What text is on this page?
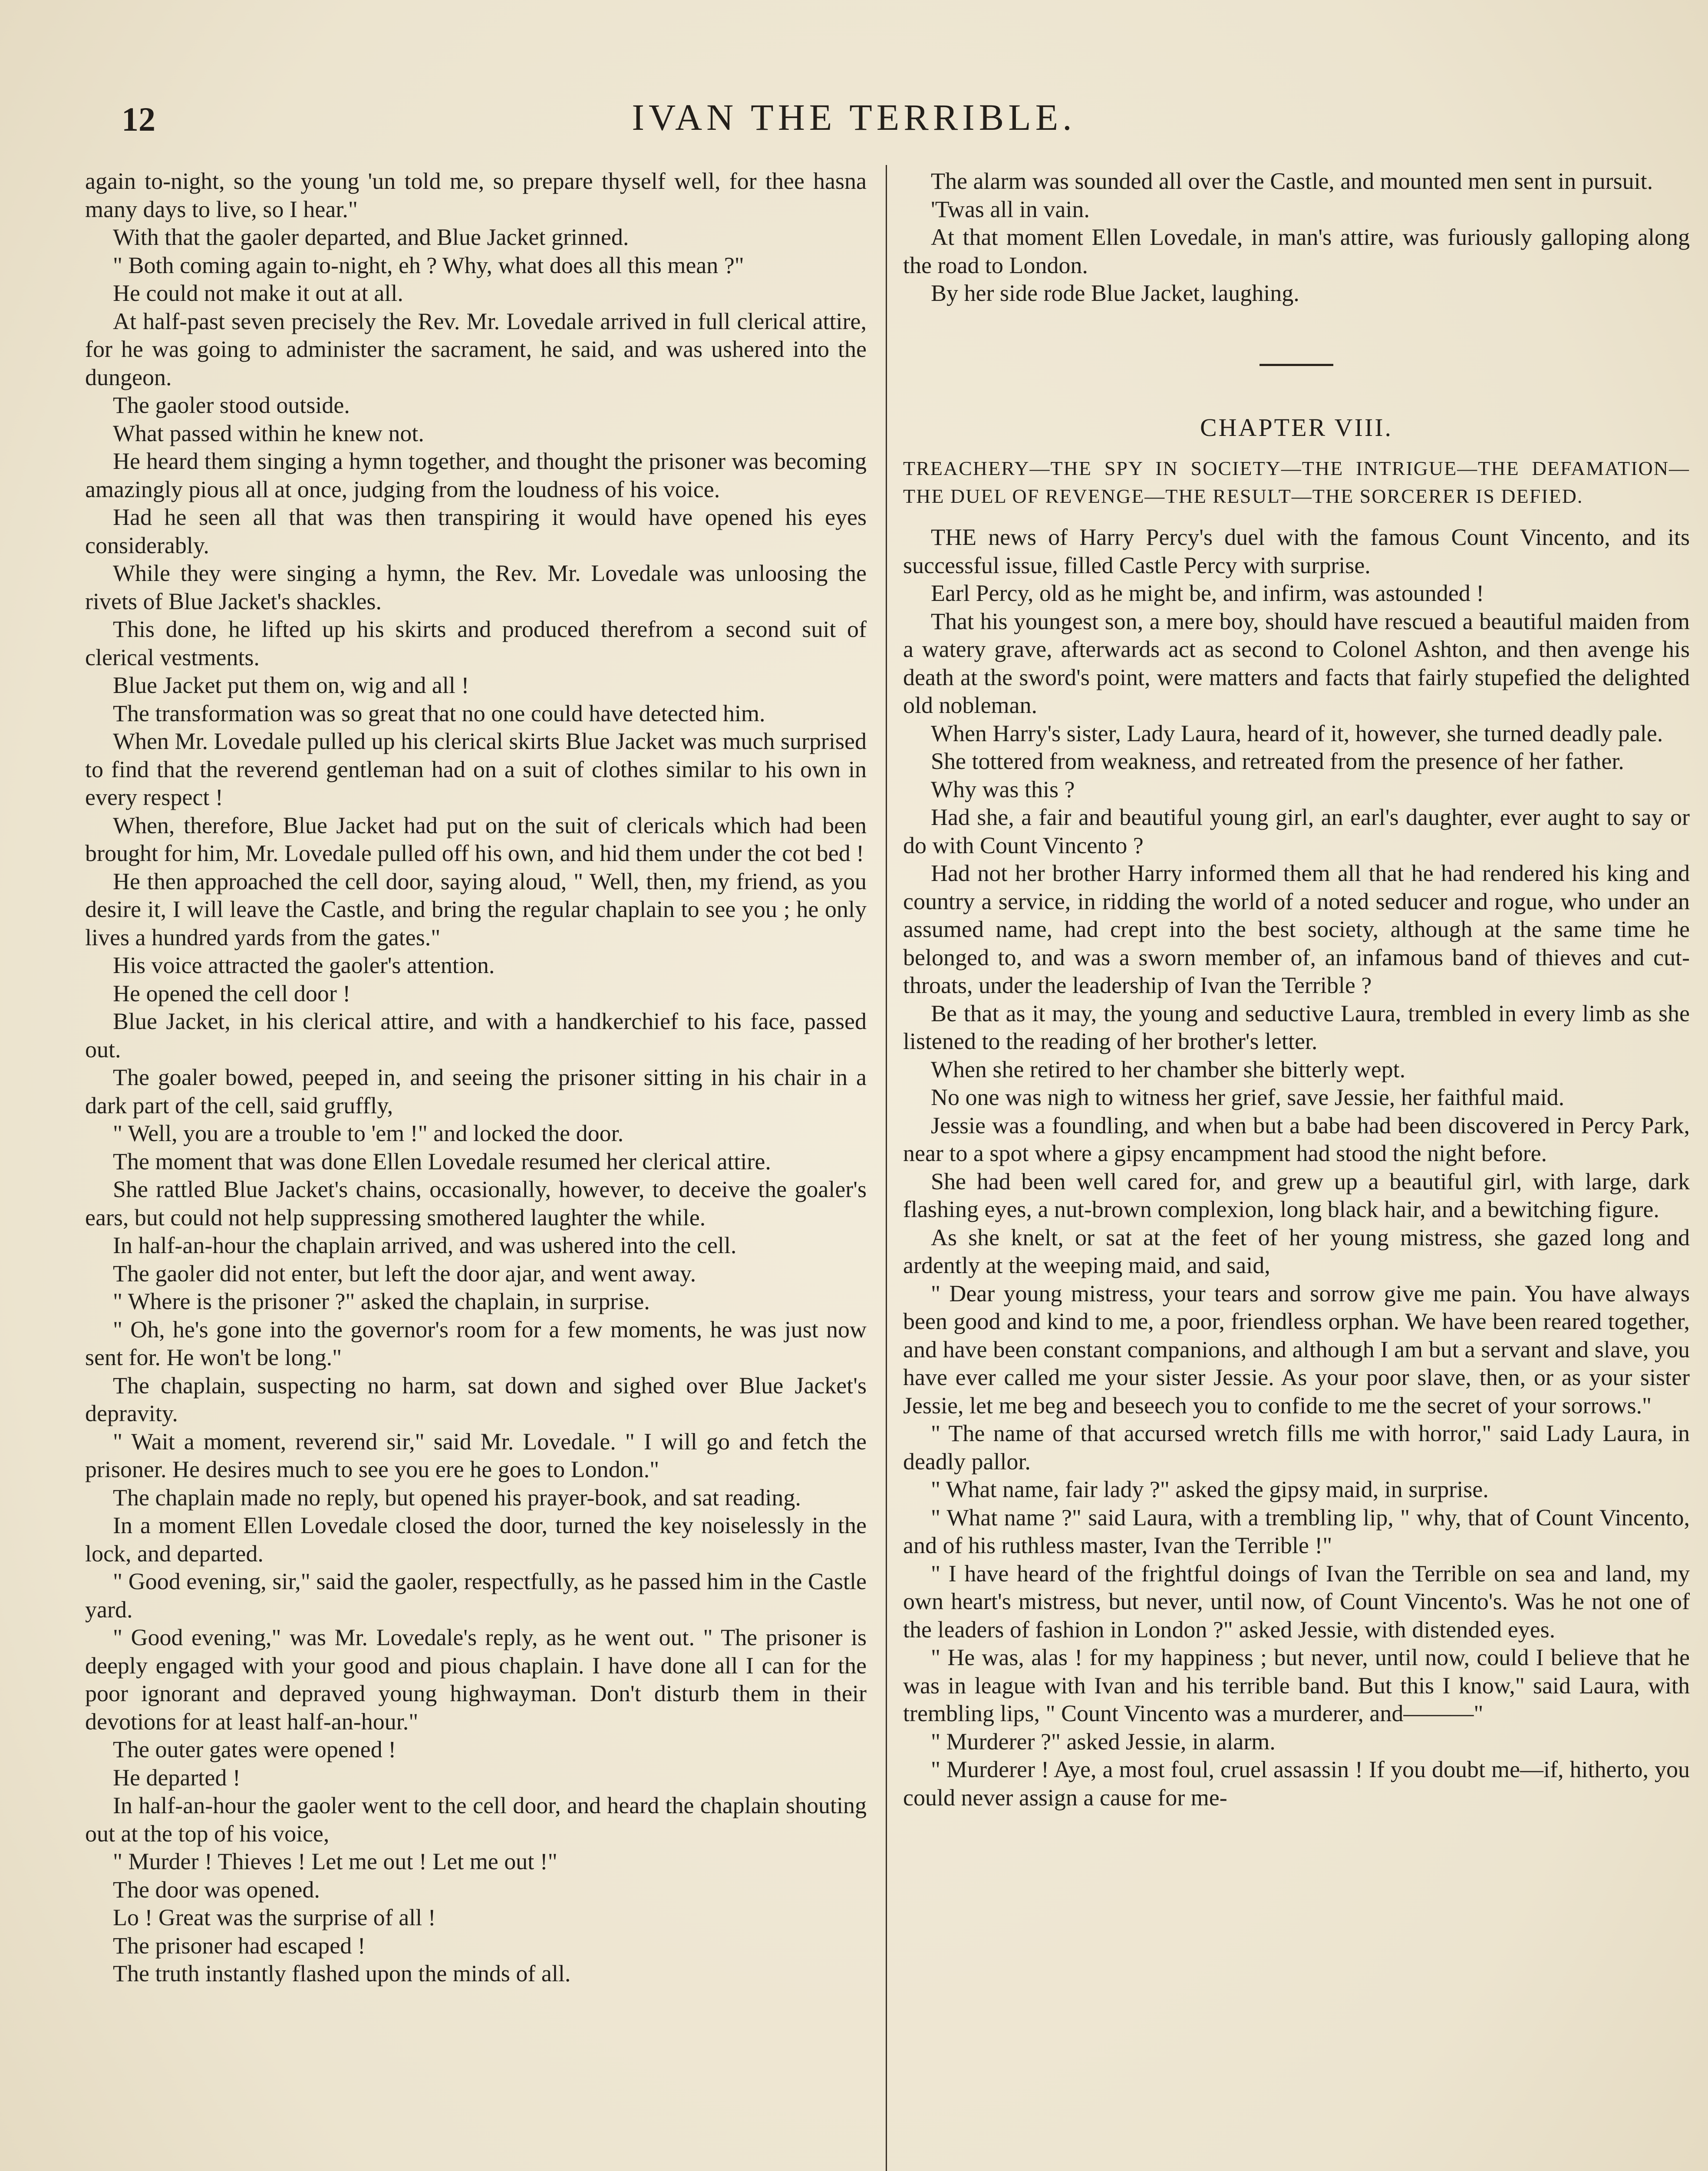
12	IVAN THE TERRIBLE.

again to-night, so the young 'un told me, so prepare thyself well, for thee hasna many days to live, so I hear."

With that the gaoler departed, and Blue Jacket grinned.

" Both coming again to-night, eh ? Why, what does all this mean ?"

He could not make it out at all.

At half-past seven precisely the Rev. Mr. Lovedale arrived in full clerical attire, for he was going to administer the sacrament, he said, and was ushered into the dungeon.

The gaoler stood outside.

What passed within he knew not.

He heard them singing a hymn together, and thought the prisoner was becoming amazingly pious all at once, judging from the loudness of his voice.

Had he seen all that was then transpiring it would have opened his eyes considerably.

While they were singing a hymn, the Rev. Mr. Lovedale was unloosing the rivets of Blue Jacket's shackles.

This done, he lifted up his skirts and produced therefrom a second suit of clerical vestments.

Blue Jacket put them on, wig and all !

The transformation was so great that no one could have detected him.

When Mr. Lovedale pulled up his clerical skirts Blue Jacket was much surprised to find that the reverend gentleman had on a suit of clothes similar to his own in every respect !

When, therefore, Blue Jacket had put on the suit of clericals which had been brought for him, Mr. Lovedale pulled off his own, and hid them under the cot bed !

He then approached the cell door, saying aloud, " Well, then, my friend, as you desire it, I will leave the Castle, and bring the regular chaplain to see you ; he only lives a hundred yards from the gates."

His voice attracted the gaoler's attention.

He opened the cell door !

Blue Jacket, in his clerical attire, and with a handkerchief to his face, passed out.

The goaler bowed, peeped in, and seeing the prisoner sitting in his chair in a dark part of the cell, said gruffly,

" Well, you are a trouble to 'em !" and locked the door.

The moment that was done Ellen Lovedale resumed her clerical attire.

She rattled Blue Jacket's chains, occasionally, however, to deceive the goaler's ears, but could not help suppressing smothered laughter the while.

In half-an-hour the chaplain arrived, and was ushered into the cell.

The gaoler did not enter, but left the door ajar, and went away.

" Where is the prisoner ?" asked the chaplain, in surprise.

" Oh, he's gone into the governor's room for a few moments, he was just now sent for. He won't be long."

The chaplain, suspecting no harm, sat down and sighed over Blue Jacket's depravity.

" Wait a moment, reverend sir," said Mr. Lovedale. " I will go and fetch the prisoner. He desires much to see you ere he goes to London."

The chaplain made no reply, but opened his prayer-book, and sat reading.

In a moment Ellen Lovedale closed the door, turned the key noiselessly in the lock, and departed.

" Good evening, sir," said the gaoler, respectfully, as he passed him in the Castle yard.

" Good evening," was Mr. Lovedale's reply, as he went out. " The prisoner is deeply engaged with your good and pious chaplain. I have done all I can for the poor ignorant and depraved young highwayman. Don't disturb them in their devotions for at least half-an-hour."

The outer gates were opened !

He departed !

In half-an-hour the gaoler went to the cell door, and heard the chaplain shouting out at the top of his voice,

" Murder ! Thieves ! Let me out ! Let me out !"

The door was opened.

Lo ! Great was the surprise of all !

The prisoner had escaped !

The truth instantly flashed upon the minds of all.

The alarm was sounded all over the Castle, and mounted men sent in pursuit.

'Twas all in vain.

At that moment Ellen Lovedale, in man's attire, was furiously galloping along the road to London.

By her side rode Blue Jacket, laughing.

CHAPTER VIII.
TREACHERY—THE SPY IN SOCIETY—THE INTRIGUE—THE DEFAMATION—THE DUEL OF REVENGE—THE RESULT—THE SORCERER IS DEFIED.

THE news of Harry Percy's duel with the famous Count Vincento, and its successful issue, filled Castle Percy with surprise.

Earl Percy, old as he might be, and infirm, was astounded !

That his youngest son, a mere boy, should have rescued a beautiful maiden from a watery grave, afterwards act as second to Colonel Ashton, and then avenge his death at the sword's point, were matters and facts that fairly stupefied the delighted old nobleman.

When Harry's sister, Lady Laura, heard of it, however, she turned deadly pale.

She tottered from weakness, and retreated from the presence of her father.

Why was this ?

Had she, a fair and beautiful young girl, an earl's daughter, ever aught to say or do with Count Vincento ?

Had not her brother Harry informed them all that he had rendered his king and country a service, in ridding the world of a noted seducer and rogue, who under an assumed name, had crept into the best society, although at the same time he belonged to, and was a sworn member of, an infamous band of thieves and cut-throats, under the leadership of Ivan the Terrible ?

Be that as it may, the young and seductive Laura, trembled in every limb as she listened to the reading of her brother's letter.

When she retired to her chamber she bitterly wept.

No one was nigh to witness her grief, save Jessie, her faithful maid.

Jessie was a foundling, and when but a babe had been discovered in Percy Park, near to a spot where a gipsy encampment had stood the night before.

She had been well cared for, and grew up a beautiful girl, with large, dark flashing eyes, a nut-brown complexion, long black hair, and a bewitching figure.

As she knelt, or sat at the feet of her young mistress, she gazed long and ardently at the weeping maid, and said,

" Dear young mistress, your tears and sorrow give me pain. You have always been good and kind to me, a poor, friendless orphan. We have been reared together, and have been constant companions, and although I am but a servant and slave, you have ever called me your sister Jessie. As your poor slave, then, or as your sister Jessie, let me beg and beseech you to confide to me the secret of your sorrows."

" The name of that accursed wretch fills me with horror," said Lady Laura, in deadly pallor.

" What name, fair lady ?" asked the gipsy maid, in surprise.

" What name ?" said Laura, with a trembling lip, " why, that of Count Vincento, and of his ruthless master, Ivan the Terrible !"

" I have heard of the frightful doings of Ivan the Terrible on sea and land, my own heart's mistress, but never, until now, of Count Vincento's. Was he not one of the leaders of fashion in London ?" asked Jessie, with distended eyes.

" He was, alas ! for my happiness ; but never, until now, could I believe that he was in league with Ivan and his terrible band. But this I know," said Laura, with trembling lips, " Count Vincento was a murderer, and———"

" Murderer ?" asked Jessie, in alarm.

" Murderer ! Aye, a most foul, cruel assassin ! If you doubt me—if, hitherto, you could never assign a cause for me-
